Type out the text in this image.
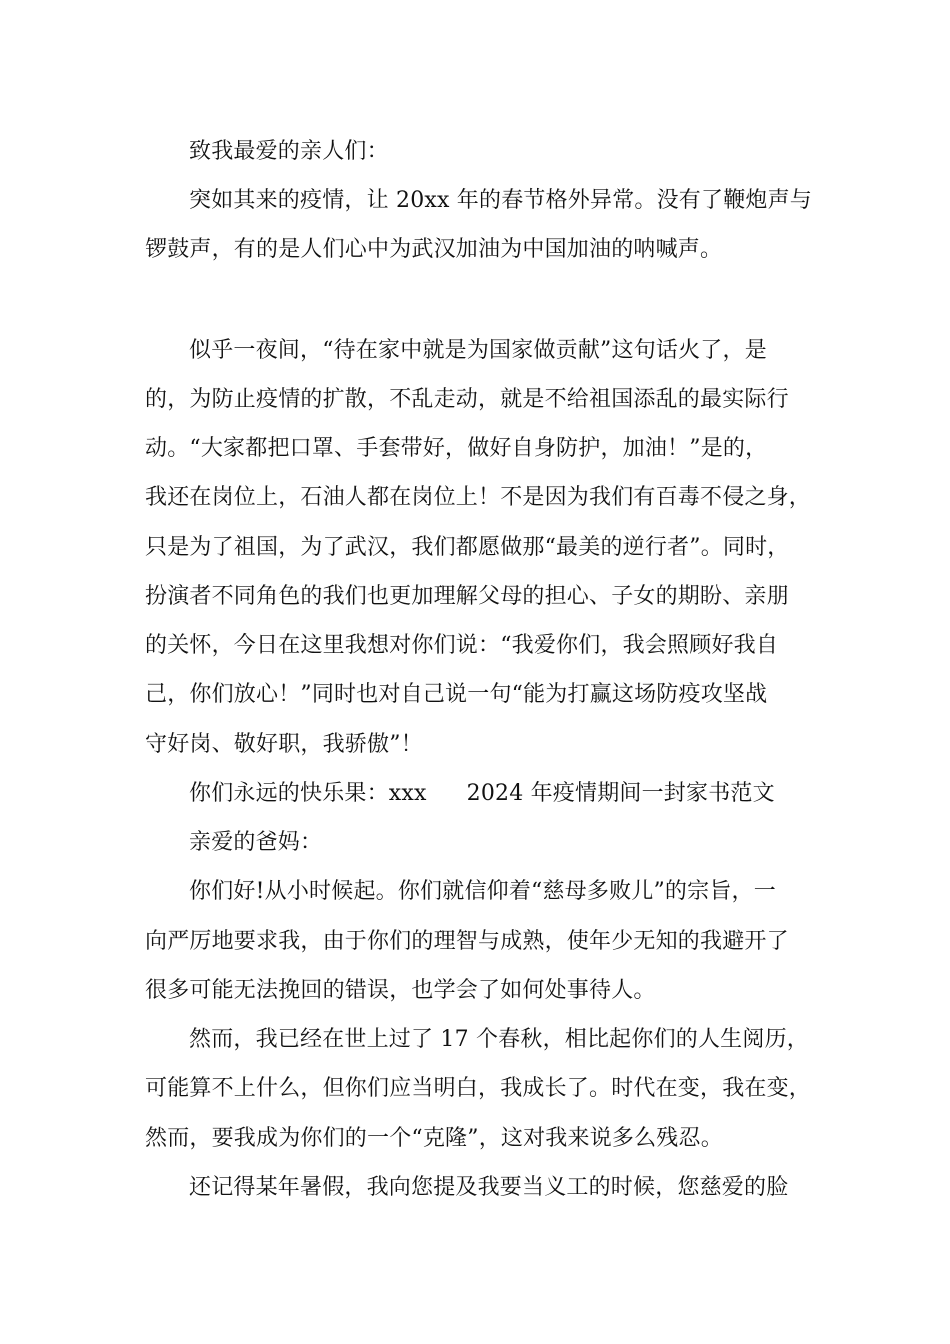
致我最爱的亲人们：
突如其来的疫情，让 20xx 年的春节格外异常。没有了鞭炮声与
锣鼓声，有的是人们心中为武汉加油为中国加油的呐喊声。
似乎一夜间，“待在家中就是为国家做贡献”这句话火了，是
的，为防止疫情的扩散，不乱走动，就是不给祖国添乱的最实际行
动。“大家都把口罩、手套带好，做好自身防护，加油！”是的，
我还在岗位上，石油人都在岗位上！不是因为我们有百毒不侵之身，
只是为了祖国，为了武汉，我们都愿做那“最美的逆行者”。同时，
扮演者不同角色的我们也更加理解父母的担心、子女的期盼、亲朋
的关怀，今日在这里我想对你们说：“我爱你们，我会照顾好我自
己，你们放心！”同时也对自己说一句“能为打赢这场防疫攻坚战
守好岗、敬好职，我骄傲”！
你们永远的快乐果：xxx 2024 年疫情期间一封家书范文
亲爱的爸妈：
你们好!从小时候起。你们就信仰着“慈母多败儿”的宗旨，一
向严厉地要求我，由于你们的理智与成熟，使年少无知的我避开了
很多可能无法挽回的错误，也学会了如何处事待人。
然而，我已经在世上过了 17 个春秋，相比起你们的人生阅历，
可能算不上什么，但你们应当明白，我成长了。时代在变，我在变，
然而，要我成为你们的一个“克隆”，这对我来说多么残忍。
还记得某年暑假，我向您提及我要当义工的时候，您慈爱的脸
